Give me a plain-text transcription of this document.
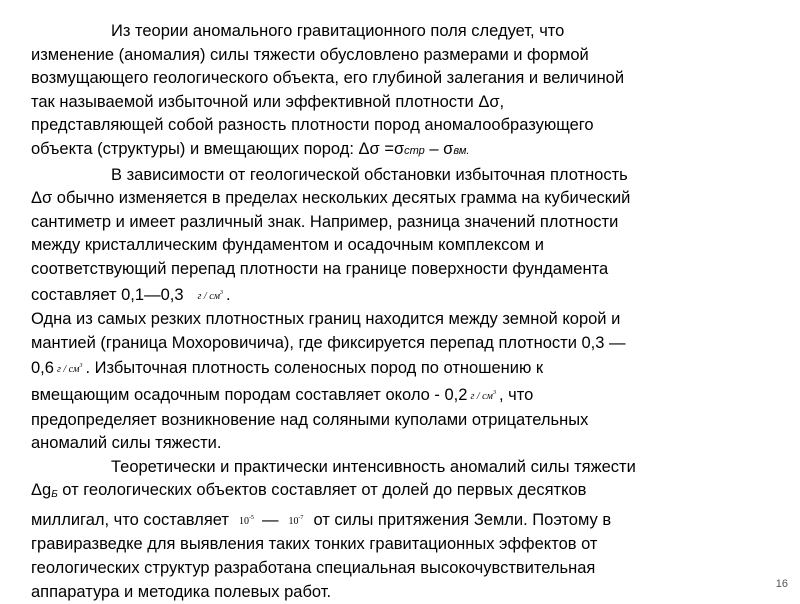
Из теории аномального гравитационного поля следует, что
изменение (аномалия) силы тяжести обусловлено размерами и формой
возмущающего геологического объекта, его глубиной залегания и величиной
так называемой избыточной или эффективной плотности Δσ,
представляющей собой разность плотности пород аномалообразующего
объекта (структуры) и вмещающих пород: Δσ =σстр – σвм.
В зависимости от геологической обстановки избыточная плотность
Δσ обычно изменяется в пределах нескольких десятых грамма на кубический
сантиметр и имеет различный знак. Например, разница значений плотности
между кристаллическим фундаментом и осадочным комплексом и
соответствующий перепад плотности на границе поверхности фундамента
составляет 0,1—0,3 г / $см^3$ .
Одна из самых резких плотностных границ находится между земной корой и
мантией (граница Мохоровичича), где фиксируется перепад плотности 0,3 —
0,6 г / $см^3$ . Избыточная плотность соленосных пород по отношению к
вмещающим осадочным породам составляет около - 0,2 г / $см^3$ , что
предопределяет возникновение над соляными куполами отрицательных
аномалий силы тяжести.
Теоретически и практически интенсивность аномалий силы тяжести
ΔgБ от геологических объектов составляет от долей до первых десятков
миллигал, что составляет $10^{-5}$ — $10^{-7}$ от силы притяжения Земли. Поэтому в
гравиразведке для выявления таких тонких гравитационных эффектов от
геологических структур разработана специальная высокочувствительная
аппаратура и методика полевых работ.	16
